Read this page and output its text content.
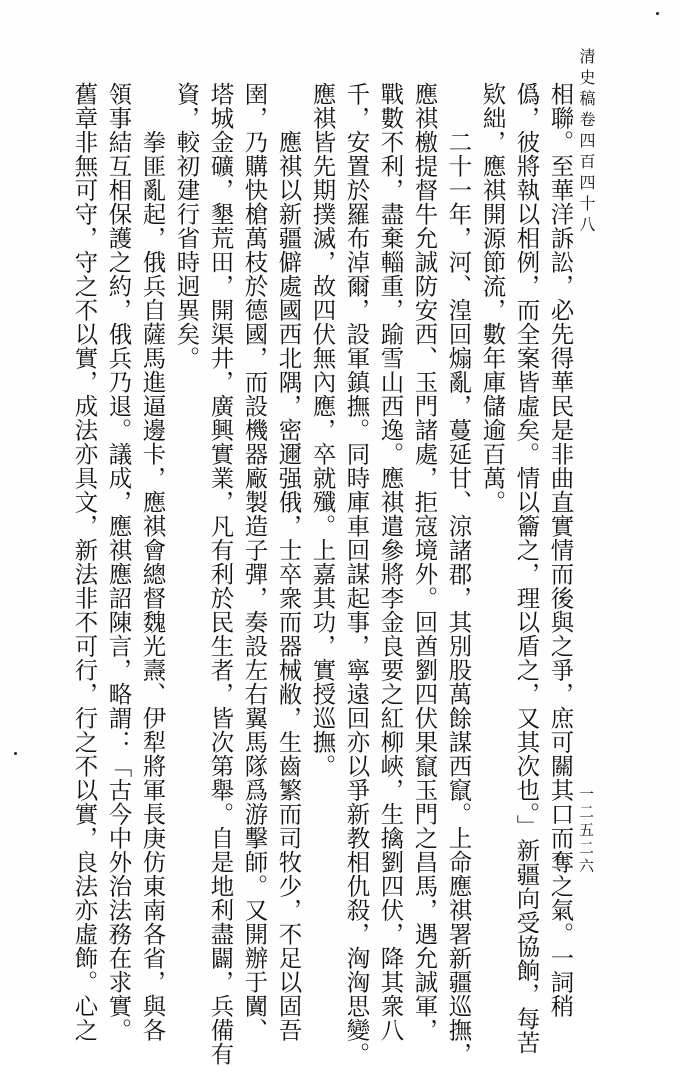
清史稿卷四百四十八
一二五二六
相聯。至華洋訴訟，必先得華民是非曲直實情而後與之爭，庶可關其口而奪之氣。一詞稍
僞，彼將執以相例，而全案皆虛矣。情以籥之，理以盾之，又其次也。」新疆向受協餉，每苦
欵絀，應祺開源節流，數年庫儲逾百萬。
二十一年，河、湟回煽亂，蔓延甘、涼諸郡，其別股萬餘謀西竄。上命應祺署新疆巡撫，
應祺檄提督牛允誠防安西、玉門諸處，拒寇境外。回酋劉四伏果竄玉門之昌馬，遇允誠軍，
戰數不利，盡棄輜重，踰雪山西逸。應祺遣參將李金良要之紅柳峽，生擒劉四伏，降其衆八
千，安置於羅布淖爾，設軍鎮撫。同時庫車回謀起事，寧遠回亦以爭新教相仇殺，洶洶思變。
應祺皆先期撲滅，故四伏無內應，卒就殲。上嘉其功，實授巡撫。
應祺以新疆僻處國西北隅，密邇强俄，士卒衆而器械敝，生齒繁而司牧少，不足以固吾
圉，乃購快槍萬枝於德國，而設機器廠製造子彈，奏設左右翼馬隊爲游擊師。又開辦于闐、
塔城金礦，墾荒田，開渠井，廣興實業，凡有利於民生者，皆次第舉。自是地利盡闢，兵備有
資，較初建行省時迥異矣。
拳匪亂起，俄兵自薩馬進逼邊卡，應祺會總督魏光燾、伊犁將軍長庚仿東南各省，與各
領事結互相保護之約，俄兵乃退。議成，應祺應詔陳言，略謂：「古今中外治法務在求實。
舊章非無可守，守之不以實，成法亦具文，新法非不可行，行之不以實，良法亦虛飾。心之
